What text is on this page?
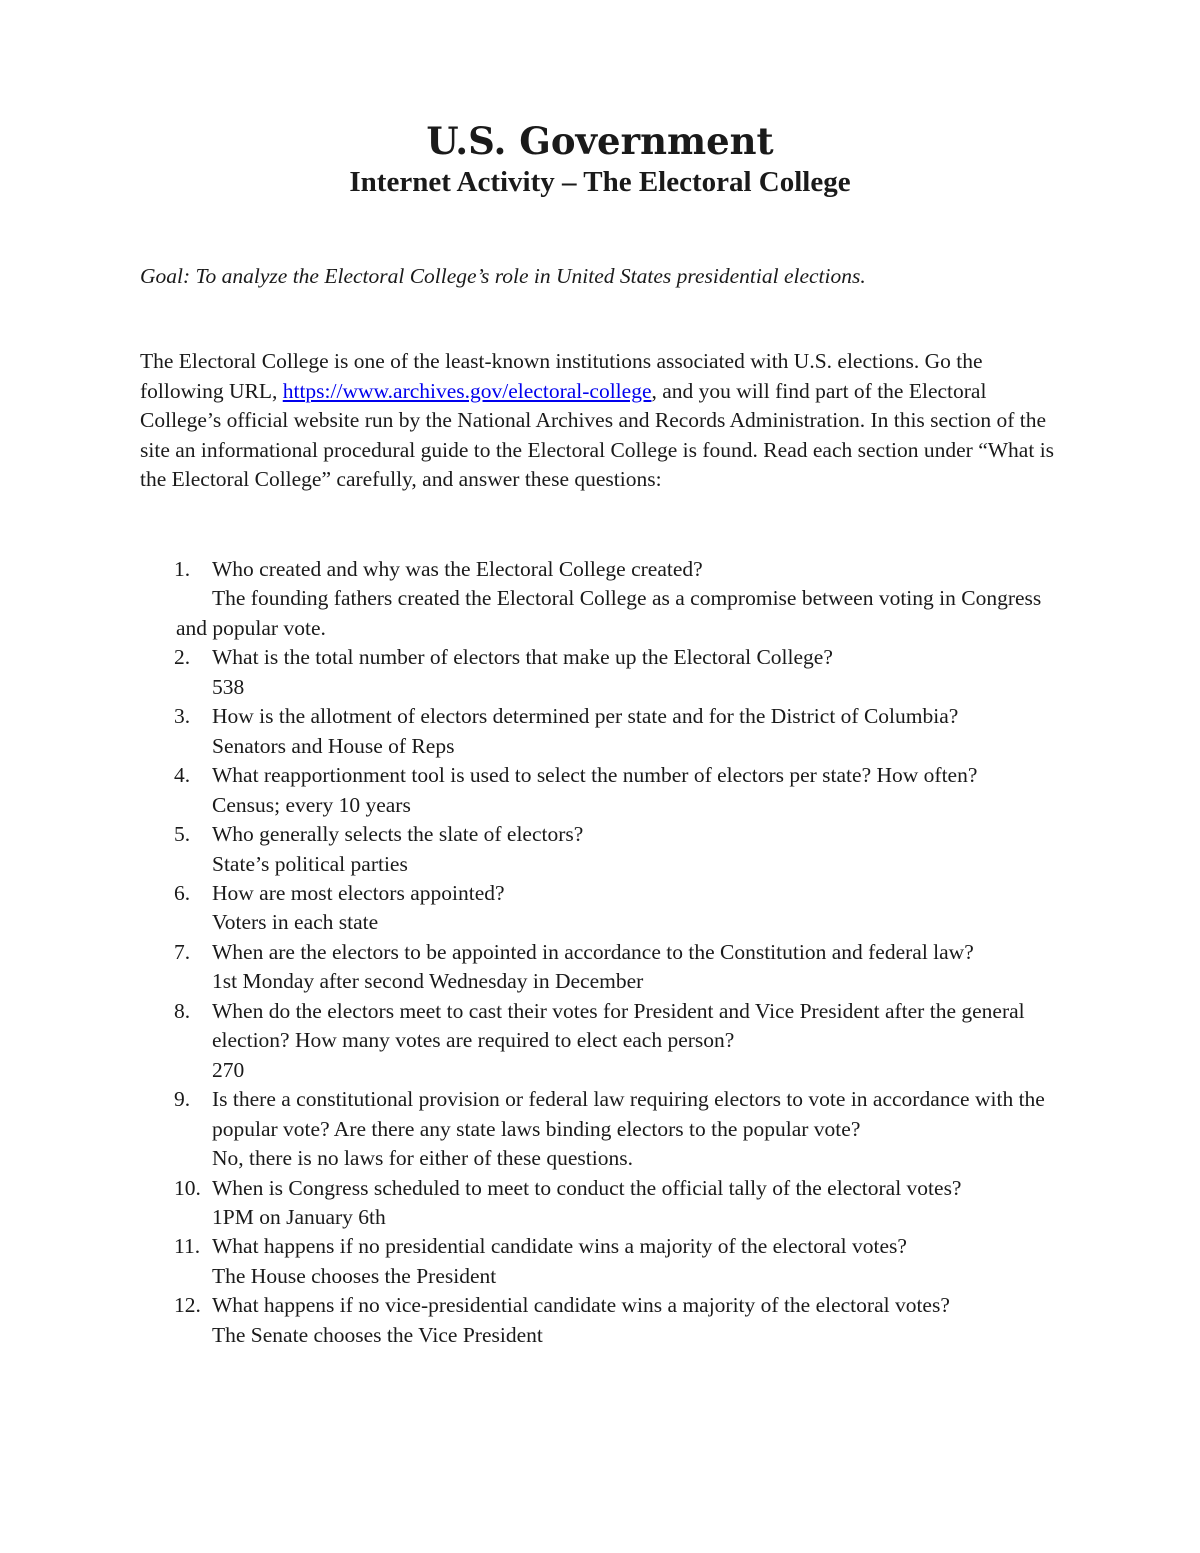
U.S. Government
Internet Activity – The Electoral College

Goal: To analyze the Electoral College’s role in United States presidential elections.

The Electoral College is one of the least-known institutions associated with U.S. elections. Go the following URL, https://www.archives.gov/electoral-college, and you will find part of the Electoral College’s official website run by the National Archives and Records Administration. In this section of the site an informational procedural guide to the Electoral College is found. Read each section under “What is the Electoral College” carefully, and answer these questions:

1. Who created and why was the Electoral College created?
The founding fathers created the Electoral College as a compromise between voting in Congress and popular vote.
2. What is the total number of electors that make up the Electoral College?
538
3. How is the allotment of electors determined per state and for the District of Columbia?
Senators and House of Reps
4. What reapportionment tool is used to select the number of electors per state? How often?
Census; every 10 years
5. Who generally selects the slate of electors?
State’s political parties
6. How are most electors appointed?
Voters in each state
7. When are the electors to be appointed in accordance to the Constitution and federal law?
1st Monday after second Wednesday in December
8. When do the electors meet to cast their votes for President and Vice President after the general election? How many votes are required to elect each person?
270
9. Is there a constitutional provision or federal law requiring electors to vote in accordance with the popular vote? Are there any state laws binding electors to the popular vote?
No, there is no laws for either of these questions.
10. When is Congress scheduled to meet to conduct the official tally of the electoral votes?
1PM on January 6th
11. What happens if no presidential candidate wins a majority of the electoral votes?
The House chooses the President
12. What happens if no vice-presidential candidate wins a majority of the electoral votes?
The Senate chooses the Vice President
